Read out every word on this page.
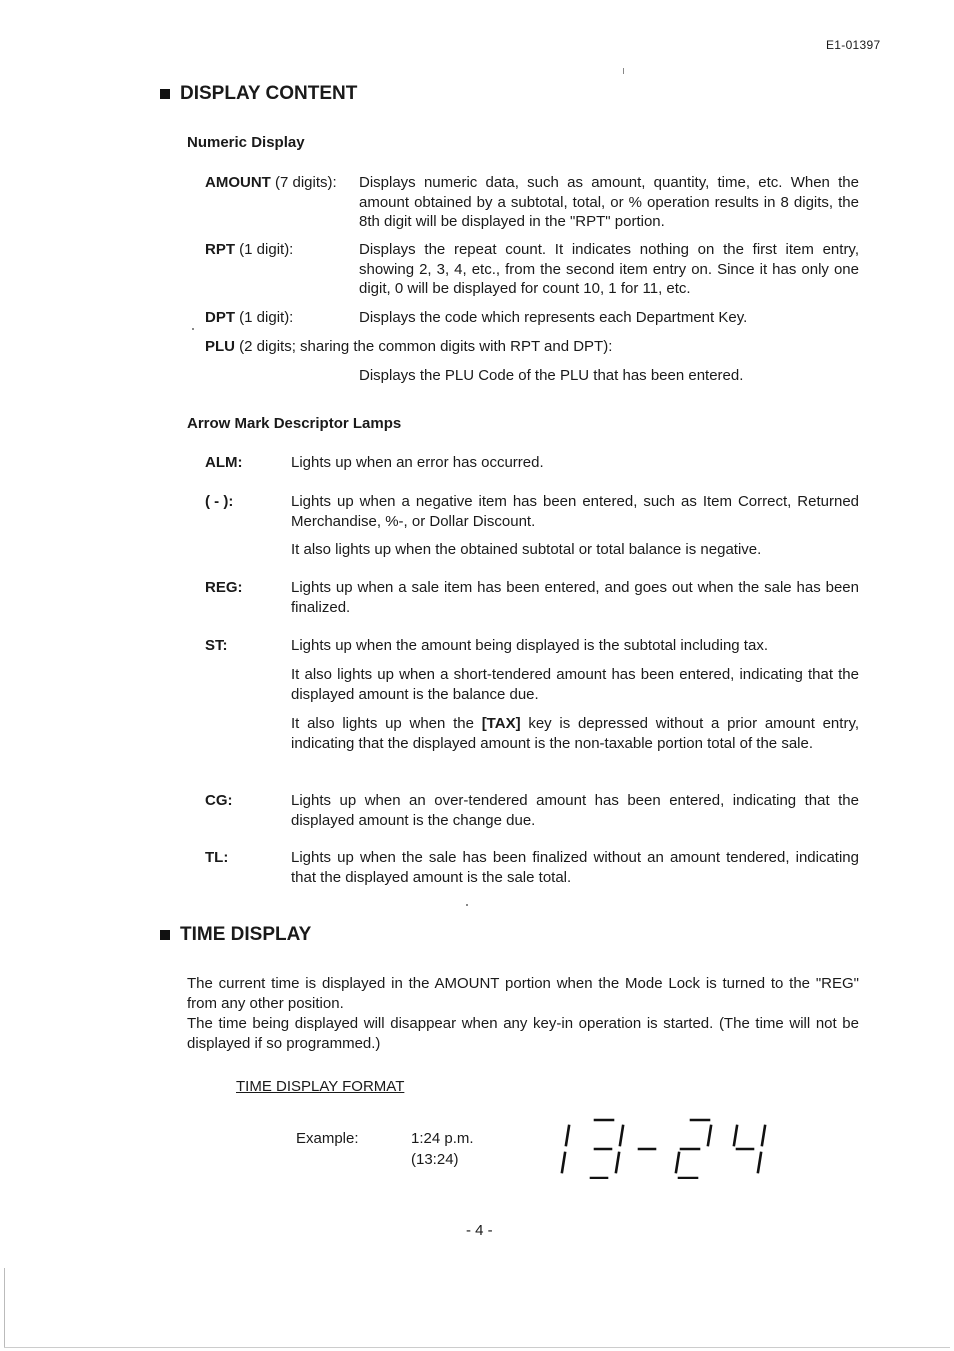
E1-01397
DISPLAY CONTENT
Numeric Display
AMOUNT (7 digits): Displays numeric data, such as amount, quantity, time, etc. When the amount obtained by a subtotal, total, or % operation results in 8 digits, the 8th digit will be displayed in the "RPT" portion.
RPT (1 digit):	Displays the repeat count. It indicates nothing on the first item entry, showing 2, 3, 4, etc., from the second item entry on. Since it has only one digit, 0 will be displayed for count 10, 1 for 11, etc.
DPT (1 digit):	Displays the code which represents each Department Key.
PLU (2 digits; sharing the common digits with RPT and DPT):
Displays the PLU Code of the PLU that has been entered.
Arrow Mark Descriptor Lamps
ALM:	Lights up when an error has occurred.
( - ):	Lights up when a negative item has been entered, such as Item Correct, Returned Merchandise, %-, or Dollar Discount.
It also lights up when the obtained subtotal or total balance is negative.
REG:	Lights up when a sale item has been entered, and goes out when the sale has been finalized.
ST:	Lights up when the amount being displayed is the subtotal including tax.
It also lights up when a short-tendered amount has been entered, indicating that the displayed amount is the balance due.
It also lights up when the [TAX] key is depressed without a prior amount entry, indicating that the displayed amount is the non-taxable portion total of the sale.
CG:	Lights up when an over-tendered amount has been entered, indicating that the displayed amount is the change due.
TL:	Lights up when the sale has been finalized without an amount tendered, indicating that the displayed amount is the sale total.
TIME DISPLAY
The current time is displayed in the AMOUNT portion when the Mode Lock is turned to the "REG" from any other position.
The time being displayed will disappear when any key-in operation is started. (The time will not be displayed if so programmed.)
TIME DISPLAY FORMAT
Example:	1:24 p.m.
(13:24)
- 4 -
